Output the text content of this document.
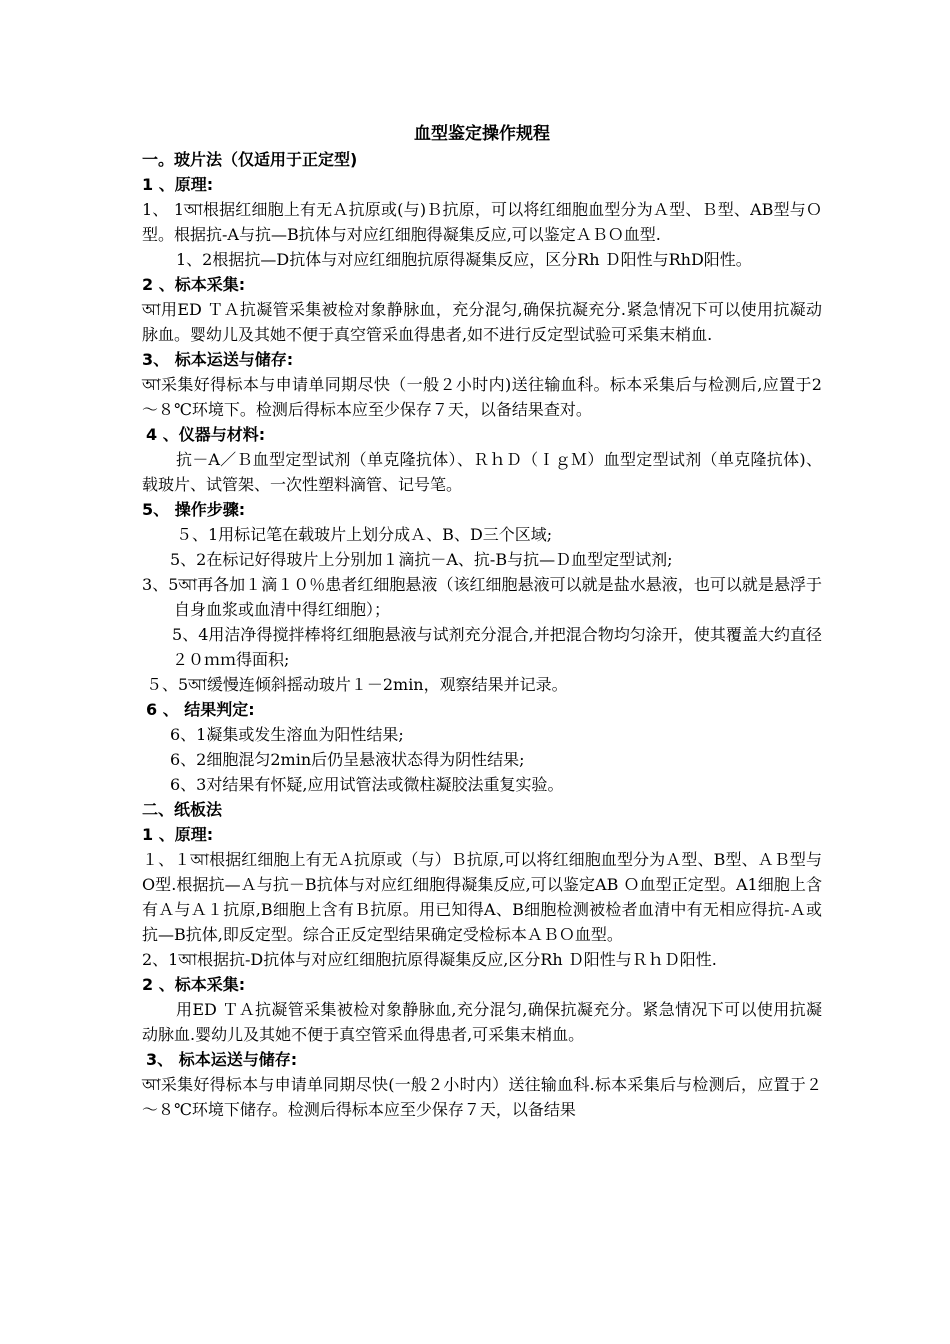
血型鉴定操作规程
一。玻片法（仅适用于正定型)
1 、原理:
1、 1আ根据红细胞上有无Ａ抗原或(与)Ｂ抗原，可以将红细胞血型分为Ａ型、Ｂ型、AB型与Ｏ型。根据抗-A与抗—B抗体与对应红细胞得凝集反应,可以鉴定ＡＢＯ血型.
1、2根据抗—D抗体与对应红细胞抗原得凝集反应，区分Rh Ｄ阳性与RhD阳性。
2 、标本采集:
আ用ED ＴＡ抗凝管采集被检对象静脉血，充分混匀,确保抗凝充分.紧急情况下可以使用抗凝动脉血。婴幼儿及其她不便于真空管采血得患者,如不进行反定型试验可采集末梢血.
3、 标本运送与储存:
আ采集好得标本与申请单同期尽快（一般２小时内)送往输血科。标本采集后与检测后,应置于2～８℃环境下。检测后得标本应至少保存７天，以备结果查对。
4 、仪器与材料:
抗－A／Ｂ血型定型试剂（单克隆抗体）、ＲｈＤ（ＩｇＭ）血型定型试剂（单克隆抗体)、载玻片、试管架、一次性塑料滴管、记号笔。
5、 操作步骤:
５、1用标记笔在载玻片上划分成Ａ、B、D三个区域;
5、2在标记好得玻片上分别加１滴抗－A、抗-B与抗—Ｄ血型定型试剂;
3、5আ再各加１滴１０％患者红细胞悬液（该红细胞悬液可以就是盐水悬液，也可以就是悬浮于自身血浆或血清中得红细胞）；
5、4用洁净得搅拌棒将红细胞悬液与试剂充分混合,并把混合物均匀涂开，使其覆盖大约直径２０ｍｍ得面积;
５、5আ缓慢连倾斜摇动玻片１－2min，观察结果并记录。
6 、 结果判定:
6、1凝集或发生溶血为阳性结果;
6、2细胞混匀2min后仍呈悬液状态得为阴性结果;
6、3对结果有怀疑,应用试管法或微柱凝胶法重复实验。
二、纸板法
1 、原理:
１、１আ根据红细胞上有无Ａ抗原或（与）Ｂ抗原,可以将红细胞血型分为Ａ型、B型、ＡＢ型与O型.根据抗—Ａ与抗－B抗体与对应红细胞得凝集反应,可以鉴定AB Ｏ血型正定型。A1细胞上含有Ａ与Ａ１抗原,B细胞上含有Ｂ抗原。用已知得A、B细胞检测被检者血清中有无相应得抗-Ａ或抗—B抗体,即反定型。综合正反定型结果确定受检标本ＡＢＯ血型。
2、1আ根据抗-D抗体与对应红细胞抗原得凝集反应,区分Rh Ｄ阳性与ＲｈＤ阳性.
2 、标本采集:
用ED ＴＡ抗凝管采集被检对象静脉血,充分混匀,确保抗凝充分。紧急情况下可以使用抗凝动脉血.婴幼儿及其她不便于真空管采血得患者,可采集末梢血。
3、 标本运送与储存:
আ采集好得标本与申请单同期尽快(一般２小时内）送往输血科.标本采集后与检测后，应置于２～８℃环境下储存。检测后得标本应至少保存７天，以备结果
